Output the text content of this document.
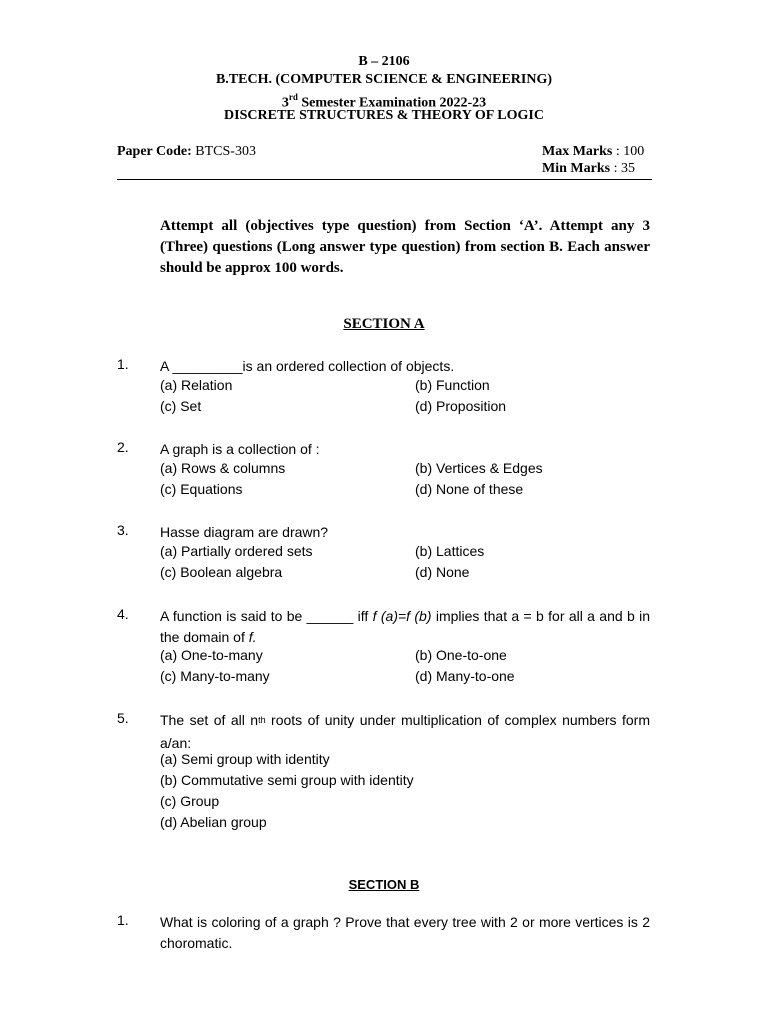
B – 2106
B.TECH. (COMPUTER SCIENCE & ENGINEERING)
3rd Semester Examination 2022-23
DISCRETE STRUCTURES & THEORY OF LOGIC
Paper Code: BTCS-303	Max Marks : 100
Min Marks : 35
Attempt all (objectives type question) from Section ‘A’. Attempt any 3 (Three) questions (Long answer type question) from section B. Each answer should be approx 100 words.
SECTION A
1. A _________is an ordered collection of objects.
(a) Relation	(b) Function
(c) Set	(d) Proposition
2. A graph is a collection of :
(a) Rows & columns	(b) Vertices & Edges
(c) Equations	(d) None of these
3. Hasse diagram are drawn?
(a) Partially ordered sets	(b) Lattices
(c) Boolean algebra	(d) None
4. A function is said to be ______ iff f (a)=f (b) implies that a = b for all a and b in the domain of f.
(a) One-to-many	(b) One-to-one
(c) Many-to-many	(d) Many-to-one
5. The set of all $n^{th}$ roots of unity under multiplication of complex numbers form a/an:
(a) Semi group with identity
(b) Commutative semi group with identity
(c) Group
(d) Abelian group
SECTION B
1. What is coloring of a graph ? Prove that every tree with 2 or more vertices is 2 choromatic.
